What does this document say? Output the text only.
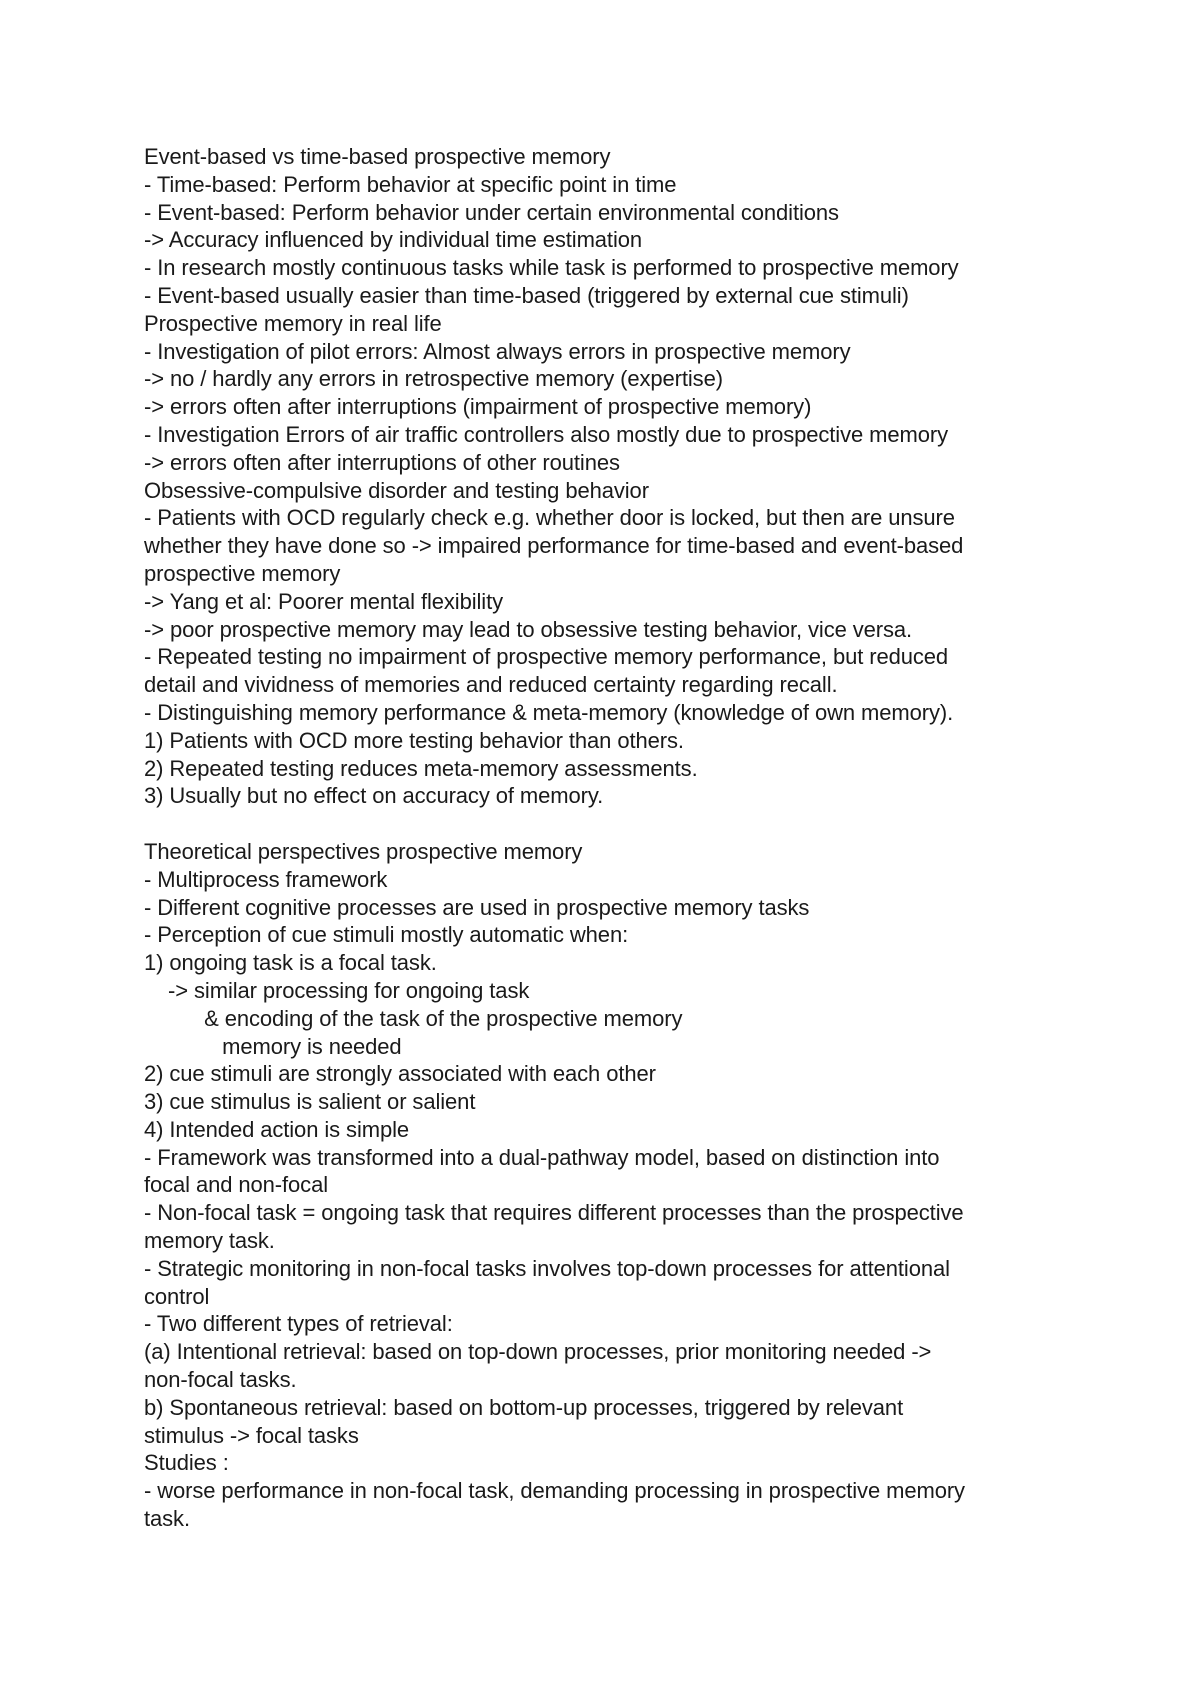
Event-based vs time-based prospective memory
- Time-based: Perform behavior at specific point in time
- Event-based: Perform behavior under certain environmental conditions
-> Accuracy influenced by individual time estimation
- In research mostly continuous tasks while task is performed to prospective memory
- Event-based usually easier than time-based (triggered by external cue stimuli)
Prospective memory in real life
- Investigation of pilot errors: Almost always errors in prospective memory
-> no / hardly any errors in retrospective memory (expertise)
-> errors often after interruptions (impairment of prospective memory)
- Investigation Errors of air traffic controllers also mostly due to prospective memory
-> errors often after interruptions of other routines
Obsessive-compulsive disorder and testing behavior
- Patients with OCD regularly check e.g. whether door is locked, but then are unsure
whether they have done so -> impaired performance for time-based and event-based
prospective memory
-> Yang et al: Poorer mental flexibility
-> poor prospective memory may lead to obsessive testing behavior, vice versa.
- Repeated testing no impairment of prospective memory performance, but reduced
detail and vividness of memories and reduced certainty regarding recall.
- Distinguishing memory performance & meta-memory (knowledge of own memory).
1) Patients with OCD more testing behavior than others.
2) Repeated testing reduces meta-memory assessments.
3) Usually but no effect on accuracy of memory.
Theoretical perspectives prospective memory
- Multiprocess framework
- Different cognitive processes are used in prospective memory tasks
- Perception of cue stimuli mostly automatic when:
1) ongoing task is a focal task.
-> similar processing for ongoing task
& encoding of the task of the prospective memory
memory is needed
2) cue stimuli are strongly associated with each other
3) cue stimulus is salient or salient
4) Intended action is simple
- Framework was transformed into a dual-pathway model, based on distinction into
focal and non-focal
- Non-focal task = ongoing task that requires different processes than the prospective
memory task.
- Strategic monitoring in non-focal tasks involves top-down processes for attentional
control
- Two different types of retrieval:
(a) Intentional retrieval: based on top-down processes, prior monitoring needed ->
non-focal tasks.
b) Spontaneous retrieval: based on bottom-up processes, triggered by relevant
stimulus -> focal tasks
Studies :
- worse performance in non-focal task, demanding processing in prospective memory
task.
